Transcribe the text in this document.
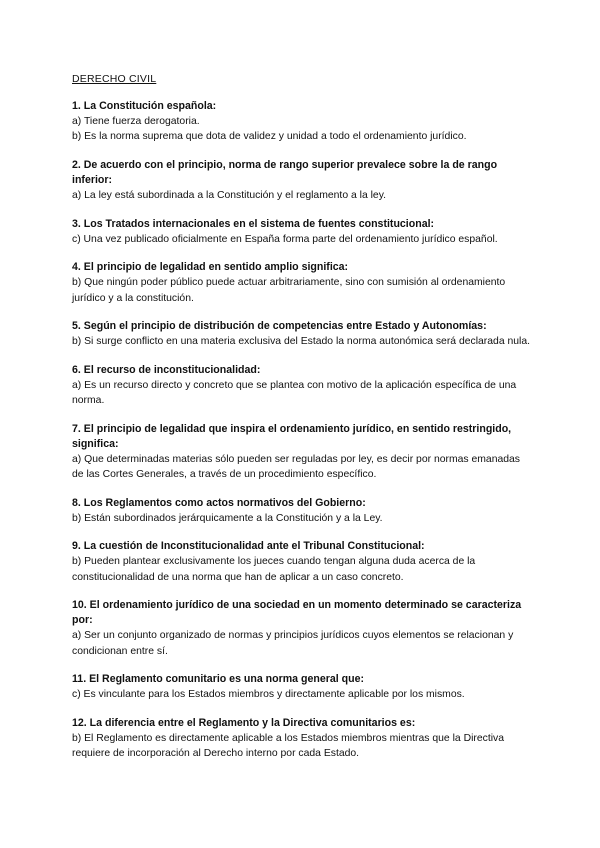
DERECHO CIVIL
1. La Constitución española:
a) Tiene fuerza derogatoria.
b) Es la norma suprema que dota de validez y unidad a todo el ordenamiento jurídico.
2. De acuerdo con el principio, norma de rango superior prevalece sobre la de rango inferior:
a) La ley está subordinada a la Constitución y el reglamento a la ley.
3. Los Tratados internacionales en el sistema de fuentes constitucional:
c) Una vez publicado oficialmente en España forma parte del ordenamiento jurídico español.
4. El principio de legalidad en sentido amplio significa:
b) Que ningún poder público puede actuar arbitrariamente, sino con sumisión al ordenamiento jurídico y a la constitución.
5. Según el principio de distribución de competencias entre Estado y Autonomías:
b) Si surge conflicto en una materia exclusiva del Estado la norma autonómica será declarada nula.
6. El recurso de inconstitucionalidad:
a) Es un recurso directo y concreto que se plantea con motivo de la aplicación específica de una norma.
7. El principio de legalidad que inspira el ordenamiento jurídico, en sentido restringido, significa:
a) Que determinadas materias sólo pueden ser reguladas por ley, es decir por normas emanadas de las Cortes Generales, a través de un procedimiento específico.
8. Los Reglamentos como actos normativos del Gobierno:
b) Están subordinados jerárquicamente a la Constitución y a la Ley.
9. La cuestión de Inconstitucionalidad ante el Tribunal Constitucional:
b) Pueden plantear exclusivamente los jueces cuando tengan alguna duda acerca de la constitucionalidad de una norma que han de aplicar a un caso concreto.
10. El ordenamiento jurídico de una sociedad en un momento determinado se caracteriza por:
a) Ser un conjunto organizado de normas y principios jurídicos cuyos elementos se relacionan y condicionan entre sí.
11. El Reglamento comunitario es una norma general que:
c) Es vinculante para los Estados miembros y directamente aplicable por los mismos.
12. La diferencia entre el Reglamento y la Directiva comunitarios es:
b) El Reglamento es directamente aplicable a los Estados miembros mientras que la Directiva requiere de incorporación al Derecho interno por cada Estado.
